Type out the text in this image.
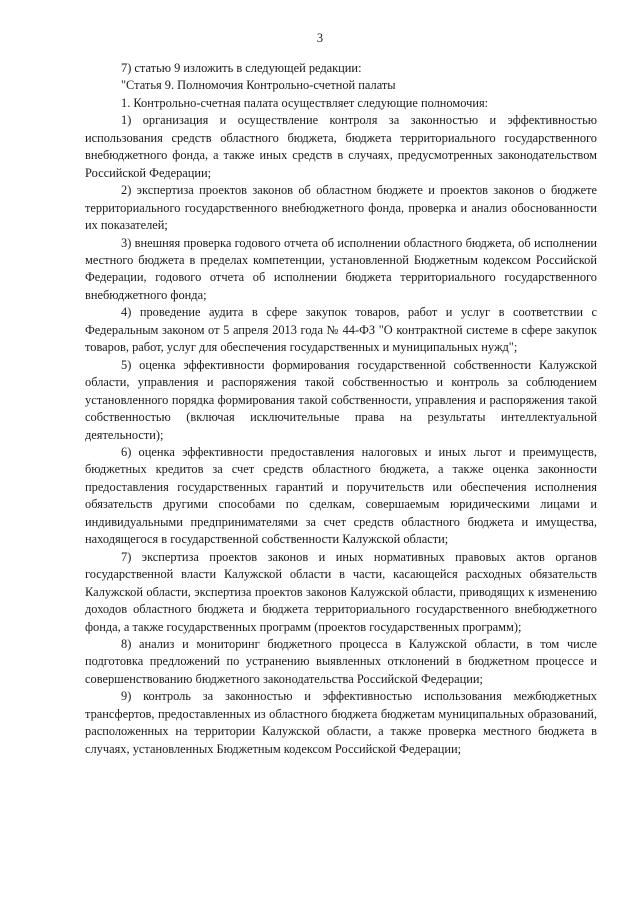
3

7) статью 9 изложить в следующей редакции:

"Статья 9. Полномочия Контрольно-счетной палаты

1. Контрольно-счетная палата осуществляет следующие полномочия:

1) организация и осуществление контроля за законностью и эффективностью использования средств областного бюджета, бюджета территориального государственного внебюджетного фонда, а также иных средств в случаях, предусмотренных законодательством Российской Федерации;

2) экспертиза проектов законов об областном бюджете и проектов законов о бюджете территориального государственного внебюджетного фонда, проверка и анализ обоснованности их показателей;

3) внешняя проверка годового отчета об исполнении областного бюджета, об исполнении местного бюджета в пределах компетенции, установленной Бюджетным кодексом Российской Федерации, годового отчета об исполнении бюджета территориального государственного внебюджетного фонда;

4) проведение аудита в сфере закупок товаров, работ и услуг в соответствии с Федеральным законом от 5 апреля 2013 года № 44-ФЗ "О контрактной системе в сфере закупок товаров, работ, услуг для обеспечения государственных и муниципальных нужд";

5) оценка эффективности формирования государственной собственности Калужской области, управления и распоряжения такой собственностью и контроль за соблюдением установленного порядка формирования такой собственности, управления и распоряжения такой собственностью (включая исключительные права на результаты интеллектуальной деятельности);

6) оценка эффективности предоставления налоговых и иных льгот и преимуществ, бюджетных кредитов за счет средств областного бюджета, а также оценка законности предоставления государственных гарантий и поручительств или обеспечения исполнения обязательств другими способами по сделкам, совершаемым юридическими лицами и индивидуальными предпринимателями за счет средств областного бюджета и имущества, находящегося в государственной собственности Калужской области;

7) экспертиза проектов законов и иных нормативных правовых актов органов государственной власти Калужской области в части, касающейся расходных обязательств Калужской области, экспертиза проектов законов Калужской области, приводящих к изменению доходов областного бюджета и бюджета территориального государственного внебюджетного фонда, а также государственных программ (проектов государственных программ);

8) анализ и мониторинг бюджетного процесса в Калужской области, в том числе подготовка предложений по устранению выявленных отклонений в бюджетном процессе и совершенствованию бюджетного законодательства Российской Федерации;

9) контроль за законностью и эффективностью использования межбюджетных трансфертов, предоставленных из областного бюджета бюджетам муниципальных образований, расположенных на территории Калужской области, а также проверка местного бюджета в случаях, установленных Бюджетным кодексом Российской Федерации;
